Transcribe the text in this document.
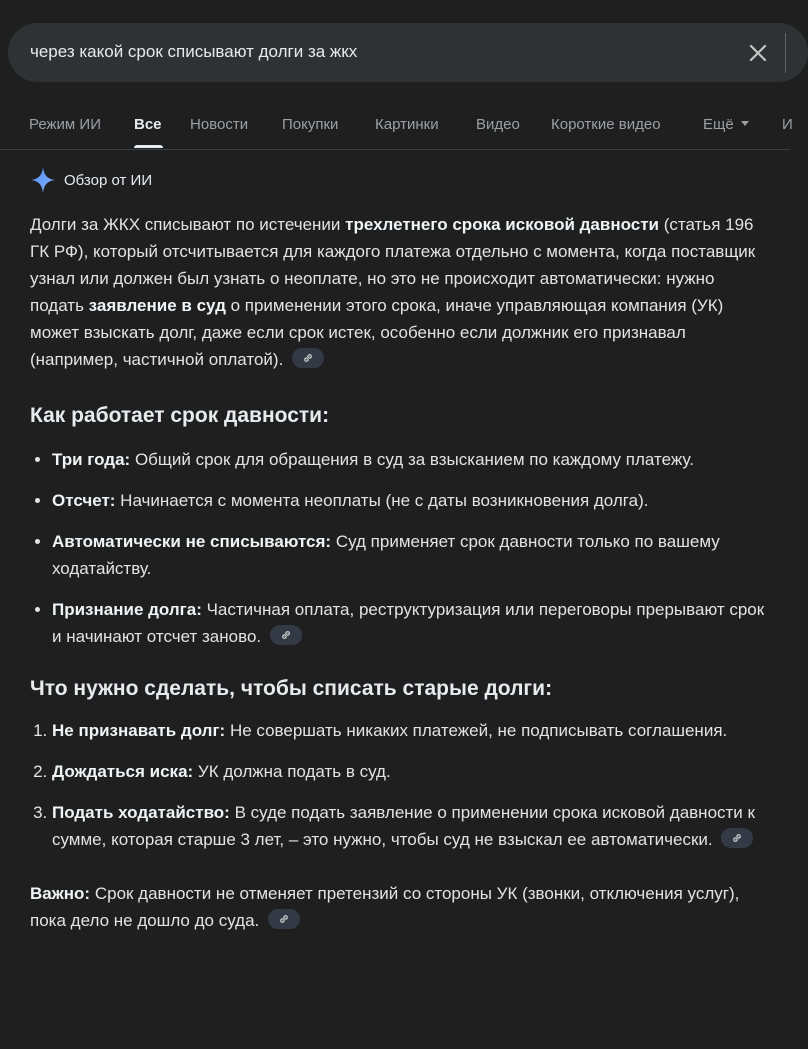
через какой срок списывают долги за жкх
Режим ИИ Все Новости Покупки Картинки Видео Короткие видео	Ещё	И
Обзор от ИИ

Долги за ЖКХ списывают по истечении трехлетнего срока исковой давности (статья 196 ГК РФ), который отсчитывается для каждого платежа отдельно с момента, когда поставщик узнал или должен был узнать о неоплате, но это не происходит автоматически: нужно подать заявление в суд о применении этого срока, иначе управляющая компания (УК) может взыскать долг, даже если срок истек, особенно если должник его признавал (например, частичной оплатой).

Как работает срок давности:
• Три года: Общий срок для обращения в суд за взысканием по каждому платежу.
• Отсчет: Начинается с момента неоплаты (не с даты возникновения долга).
• Автоматически не списываются: Суд применяет срок давности только по вашему ходатайству.
• Признание долга: Частичная оплата, реструктуризация или переговоры прерывают срок и начинают отсчет заново.
Что нужно сделать, чтобы списать старые долги:
1. Не признавать долг: Не совершать никаких платежей, не подписывать соглашения.
2. Дождаться иска: УК должна подать в суд.
3. Подать ходатайство: В суде подать заявление о применении срока исковой давности к сумме, которая старше 3 лет, – это нужно, чтобы суд не взыскал ее автоматически.

Важно: Срок давности не отменяет претензий со стороны УК (звонки, отключения услуг), пока дело не дошло до суда.
